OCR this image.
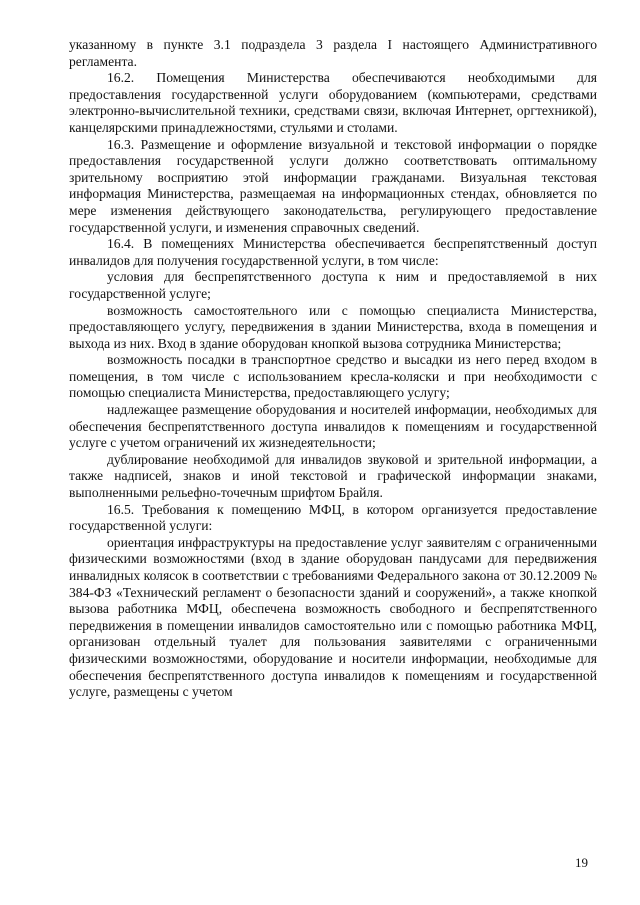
указанному в пункте 3.1 подраздела 3 раздела I настоящего Административного регламента.

16.2. Помещения Министерства обеспечиваются необходимыми для предоставления государственной услуги оборудованием (компьютерами, средствами электронно-вычислительной техники, средствами связи, включая Интернет, оргтехникой), канцелярскими принадлежностями, стульями и столами.

16.3. Размещение и оформление визуальной и текстовой информации о порядке предоставления государственной услуги должно соответствовать оптимальному зрительному восприятию этой информации гражданами. Визуальная текстовая информация Министерства, размещаемая на информационных стендах, обновляется по мере изменения действующего законодательства, регулирующего предоставление государственной услуги, и изменения справочных сведений.

16.4. В помещениях Министерства обеспечивается беспрепятственный доступ инвалидов для получения государственной услуги, в том числе:

условия для беспрепятственного доступа к ним и предоставляемой в них государственной услуге;

возможность самостоятельного или с помощью специалиста Министерства, предоставляющего услугу, передвижения в здании Министерства, входа в помещения и выхода из них. Вход в здание оборудован кнопкой вызова сотрудника Министерства;

возможность посадки в транспортное средство и высадки из него перед входом в помещения, в том числе с использованием кресла-коляски и при необходимости с помощью специалиста Министерства, предоставляющего услугу;

надлежащее размещение оборудования и носителей информации, необходимых для обеспечения беспрепятственного доступа инвалидов к помещениям и государственной услуге с учетом ограничений их жизнедеятельности;

дублирование необходимой для инвалидов звуковой и зрительной информации, а также надписей, знаков и иной текстовой и графической информации знаками, выполненными рельефно-точечным шрифтом Брайля.

16.5. Требования к помещению МФЦ, в котором организуется предоставление государственной услуги:

ориентация инфраструктуры на предоставление услуг заявителям с ограниченными физическими возможностями (вход в здание оборудован пандусами для передвижения инвалидных колясок в соответствии с требованиями Федерального закона от 30.12.2009 № 384-ФЗ «Технический регламент о безопасности зданий и сооружений», а также кнопкой вызова работника МФЦ, обеспечена возможность свободного и беспрепятственного передвижения в помещении инвалидов самостоятельно или с помощью работника МФЦ, организован отдельный туалет для пользования заявителями с ограниченными физическими возможностями, оборудование и носители информации, необходимые для обеспечения беспрепятственного доступа инвалидов к помещениям и государственной услуге, размещены с учетом

19
